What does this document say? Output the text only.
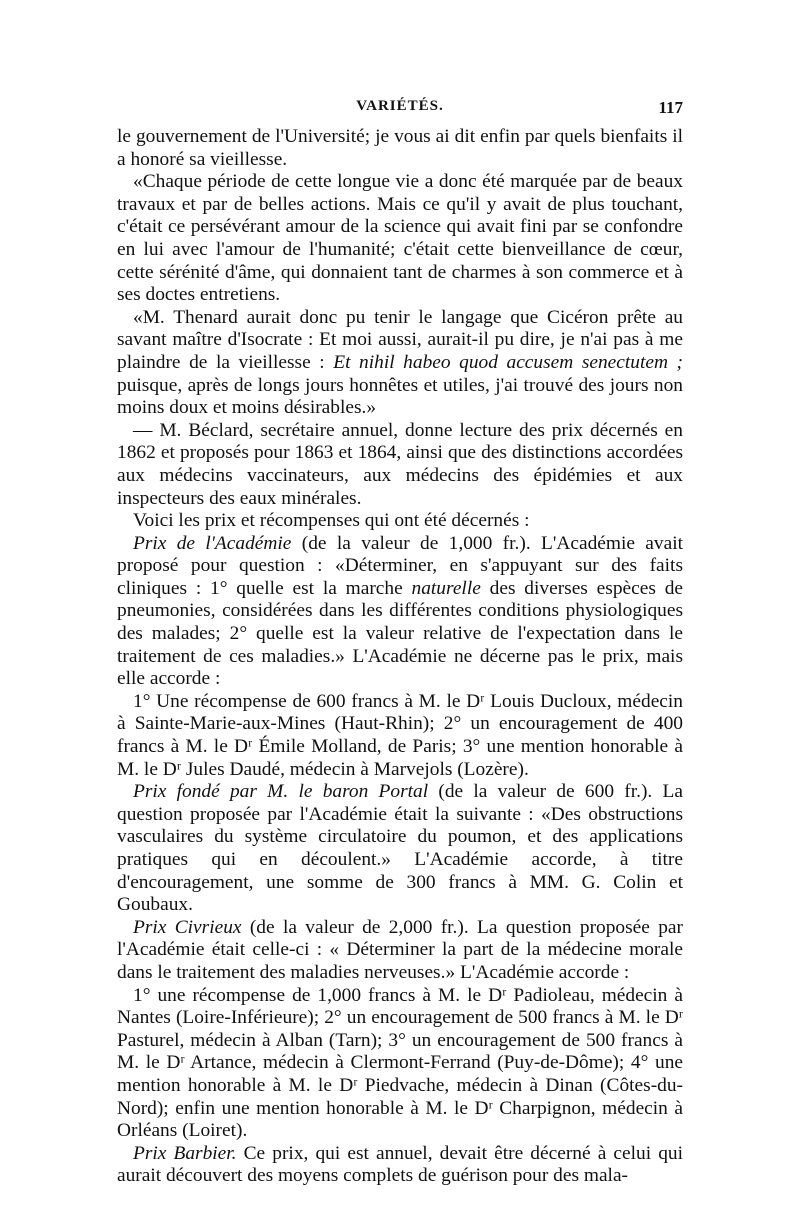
VARIÉTÉS.	117

le gouvernement de l'Université; je vous ai dit enfin par quels bienfaits il a honoré sa vieillesse.

«Chaque période de cette longue vie a donc été marquée par de beaux travaux et par de belles actions. Mais ce qu'il y avait de plus touchant, c'était ce persévérant amour de la science qui avait fini par se confondre en lui avec l'amour de l'humanité; c'était cette bienveillance de cœur, cette sérénité d'âme, qui donnaient tant de charmes à son commerce et à ses doctes entretiens.

«M. Thenard aurait donc pu tenir le langage que Cicéron prête au savant maître d'Isocrate : Et moi aussi, aurait-il pu dire, je n'ai pas à me plaindre de la vieillesse : Et nihil habeo quod accusem senectutem ; puisque, après de longs jours honnêtes et utiles, j'ai trouvé des jours non moins doux et moins désirables.»

— M. Béclard, secrétaire annuel, donne lecture des prix décernés en 1862 et proposés pour 1863 et 1864, ainsi que des distinctions accordées aux médecins vaccinateurs, aux médecins des épidémies et aux inspecteurs des eaux minérales.

Voici les prix et récompenses qui ont été décernés :

Prix de l'Académie (de la valeur de 1,000 fr.). L'Académie avait proposé pour question : «Déterminer, en s'appuyant sur des faits cliniques : 1° quelle est la marche naturelle des diverses espèces de pneumonies, considérées dans les différentes conditions physiologiques des malades; 2° quelle est la valeur relative de l'expectation dans le traitement de ces maladies.» L'Académie ne décerne pas le prix, mais elle accorde :

1° Une récompense de 600 francs à M. le Dʳ Louis Ducloux, médecin à Sainte-Marie-aux-Mines (Haut-Rhin); 2° un encouragement de 400 francs à M. le Dʳ Émile Molland, de Paris; 3° une mention honorable à M. le Dʳ Jules Daudé, médecin à Marvejols (Lozère).

Prix fondé par M. le baron Portal (de la valeur de 600 fr.). La question proposée par l'Académie était la suivante : «Des obstructions vasculaires du système circulatoire du poumon, et des applications pratiques qui en découlent.» L'Académie accorde, à titre d'encouragement, une somme de 300 francs à MM. G. Colin et Goubaux.

Prix Civrieux (de la valeur de 2,000 fr.). La question proposée par l'Académie était celle-ci : « Déterminer la part de la médecine morale dans le traitement des maladies nerveuses.» L'Académie accorde :

1° une récompense de 1,000 francs à M. le Dʳ Padioleau, médecin à Nantes (Loire-Inférieure); 2° un encouragement de 500 francs à M. le Dʳ Pasturel, médecin à Alban (Tarn); 3° un encouragement de 500 francs à M. le Dʳ Artance, médecin à Clermont-Ferrand (Puy-de-Dôme); 4° une mention honorable à M. le Dʳ Piedvache, médecin à Dinan (Côtes-du-Nord); enfin une mention honorable à M. le Dʳ Charpignon, médecin à Orléans (Loiret).

Prix Barbier. Ce prix, qui est annuel, devait être décerné à celui qui aurait découvert des moyens complets de guérison pour des mala-
